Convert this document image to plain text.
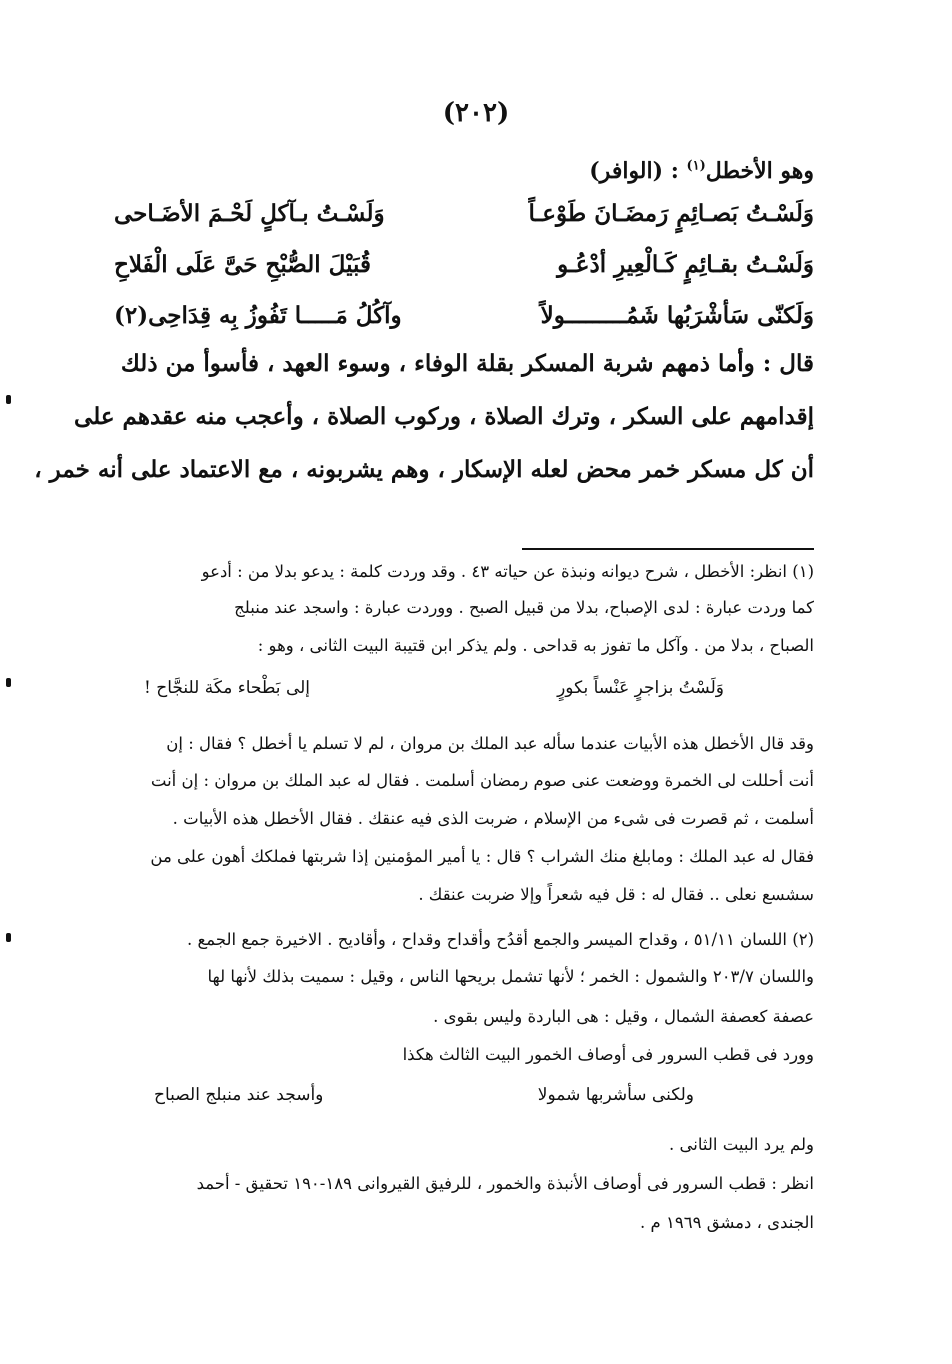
(٢٠٢)
وهو الأخطل$^{(١)}$ : (الوافر)
وَلَسْـتُ بَصـائِمٍ رَمضَـانَ طَوْعـاً
وَلَسْـتُ بـآكلٍ لَحْـمَ الأضَـاحى
وَلَسْـتُ بقـائِمٍ كَـالْعِيرِ أدْعُـو
قُبَيْلَ الصُّبْحِ حَىَّ عَلَى الْفَلاحِ
وَلَكنّى سَأشْرَبُها شَمُـــــــــولاً
وآكُلُ مَـــــا تَفُوزُ بِه قِدَاحِى(٢)
قال : وأما ذمهم شربة المسكر بقلة الوفاء ، وسوء العهد ، فأسوأ من ذلك
إقدامهم على السكر ، وترك الصلاة ، وركوب الصلاة ، وأعجب منه عقدهم على
أن كل مسكر خمر محض لعله الإسكار ، وهم يشربونه ، مع الاعتماد على أنه خمر ،
(١) انظر: الأخطل ، شرح ديوانه ونبذة عن حياته ٤٣ . وقد وردت كلمة : يدعو بدلا من : أدعو
كما وردت عبارة : لدى الإصباح، بدلا من قبيل الصبح . ووردت عبارة : واسجد عند منبلج
الصباح ، بدلا من . وآكل ما تفوز به قداحى . ولم يذكر ابن قتيبة البيت الثانى ، وهو :
وَلَسْتُ بزاجرٍ عَنْساً بكورٍ
إلى بَطْحاء مكَة للنجَّاح !
وقد قال الأخطل هذه الأبيات عندما سأله عبد الملك بن مروان ، لم لا تسلم يا أخطل ؟ فقال : إن
أنت أحللت لى الخمرة ووضعت عنى صوم رمضان أسلمت . فقال له عبد الملك بن مروان : إن أنت
أسلمت ، ثم قصرت فى شىء من الإسلام ، ضربت الذى فيه عنقك . فقال الأخطل هذه الأبيات .
فقال له عبد الملك : ومابلغ منك الشراب ؟ قال : يا أمير المؤمنين إذا شربتها فملكك أهون على من
سشسع نعلى .. فقال له : قل فيه شعراً وإلا ضربت عنقك .
(٢) اللسان ٥١/١١ ، وقداح الميسر والجمع أقدُح وأقداح وقداح ، وأقاديح . الاخيرة جمع الجمع .
واللسان ٢٠٣/٧ والشمول : الخمر ؛ لأنها تشمل بريحها الناس ، وقيل : سميت بذلك لأنها لها
عصفة كعصفة الشمال ، وقيل : هى الباردة وليس بقوى .
وورد فى قطب السرور فى أوصاف الخمور البيت الثالث هكذا
ولكنى سأشربها شمولا
وأسجد عند منبلج الصباح
ولم يرد البيت الثانى .
انظر : قطب السرور فى أوصاف الأنبذة والخمور ، للرفيق القيروانى ١٨٩-١٩٠ تحقيق - أحمد
الجندى ، دمشق ١٩٦٩ م .
